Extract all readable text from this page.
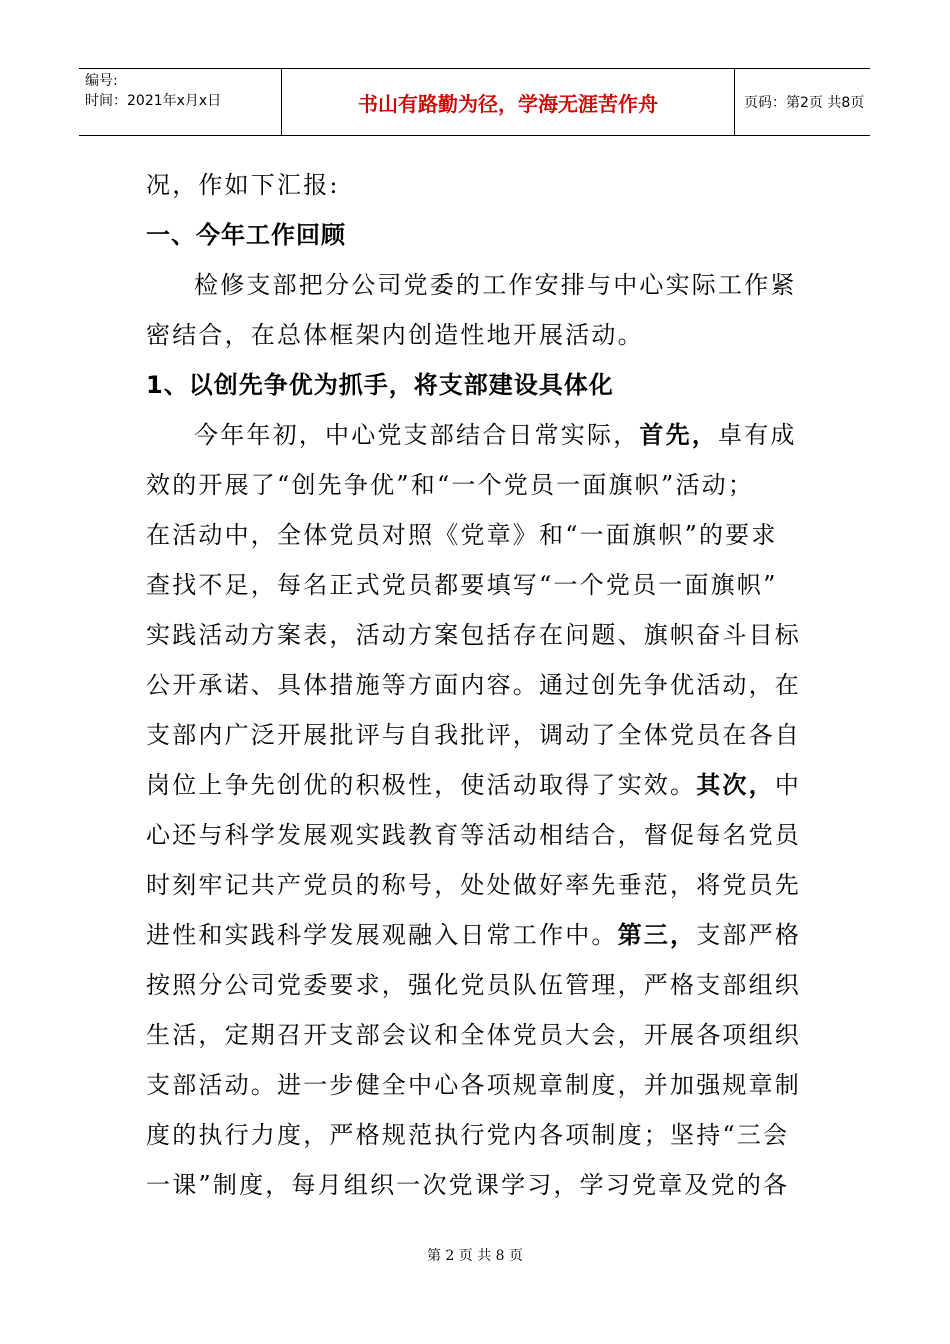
编号:
时间：2021年x月x日	书山有路勤为径，学海无涯苦作舟	页码：第2页 共8页
况，作如下汇报:
一、今年工作回顾
检修支部把分公司党委的工作安排与中心实际工作紧
密结合，在总体框架内创造性地开展活动。
1、以创先争优为抓手，将支部建设具体化
今年年初，中心党支部结合日常实际，首先，卓有成
效的开展了“创先争优”和“一个党员一面旗帜”活动；
在活动中，全体党员对照《党章》和“一面旗帜”的要求
查找不足，每名正式党员都要填写“一个党员一面旗帜”
实践活动方案表，活动方案包括存在问题、旗帜奋斗目标
公开承诺、具体措施等方面内容。通过创先争优活动，在
支部内广泛开展批评与自我批评，调动了全体党员在各自
岗位上争先创优的积极性，使活动取得了实效。其次，中
心还与科学发展观实践教育等活动相结合，督促每名党员
时刻牢记共产党员的称号，处处做好率先垂范，将党员先
进性和实践科学发展观融入日常工作中。第三，支部严格
按照分公司党委要求，强化党员队伍管理，严格支部组织
生活，定期召开支部会议和全体党员大会，开展各项组织
支部活动。进一步健全中心各项规章制度，并加强规章制
度的执行力度，严格规范执行党内各项制度；坚持“三会
一课”制度，每月组织一次党课学习，学习党章及党的各
第 2 页 共 8 页
